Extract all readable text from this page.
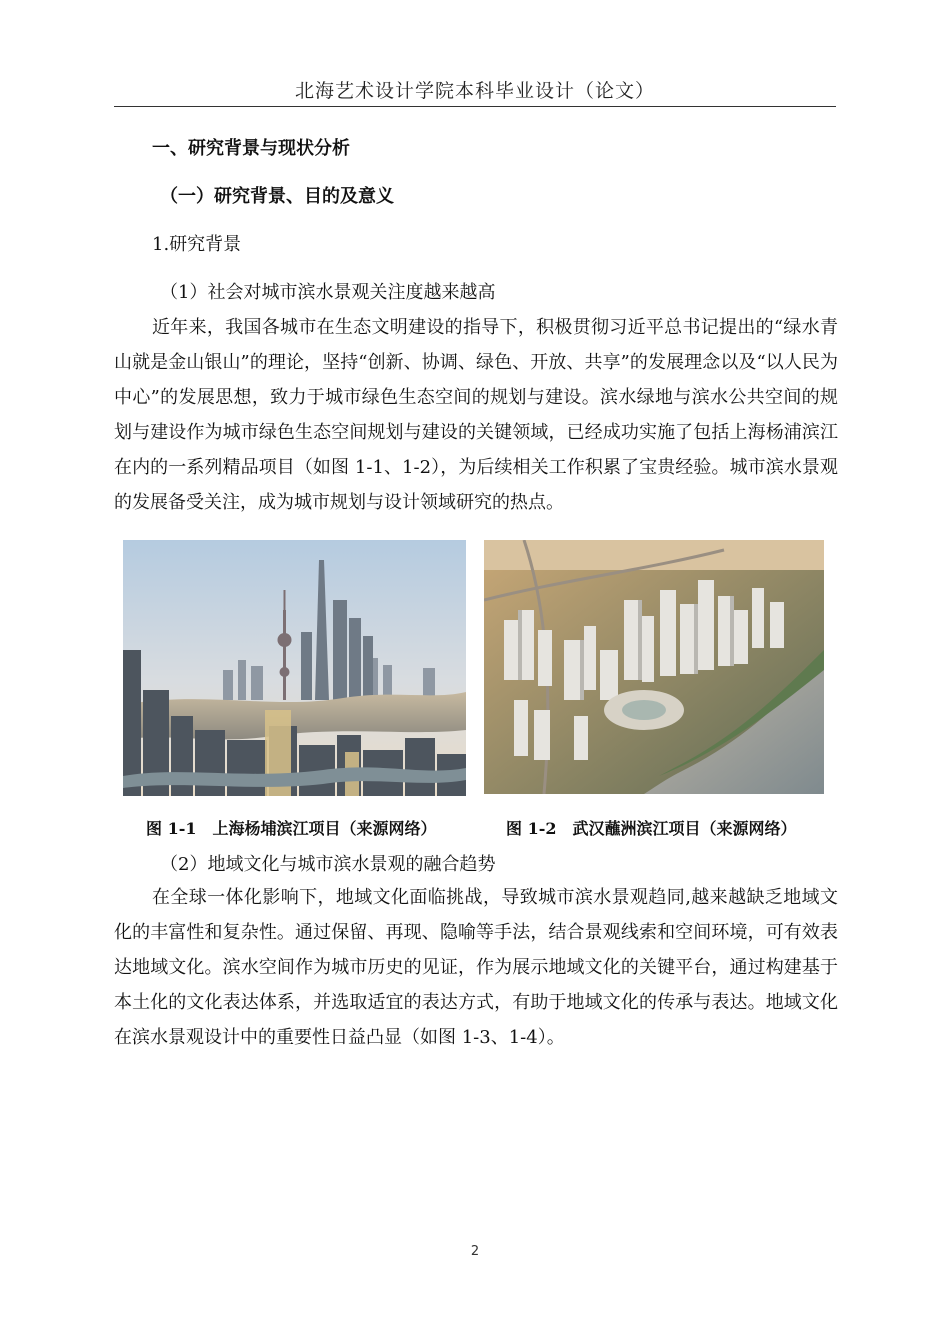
北海艺术设计学院本科毕业设计（论文）
一、研究背景与现状分析
（一）研究背景、目的及意义
1.研究背景
（1）社会对城市滨水景观关注度越来越高

近年来，我国各城市在生态文明建设的指导下，积极贯彻习近平总书记提出的“绿水青山就是金山银山”的理论，坚持“创新、协调、绿色、开放、共享”的发展理念以及“以人民为中心”的发展思想，致力于城市绿色生态空间的规划与建设。滨水绿地与滨水公共空间的规划与建设作为城市绿色生态空间规划与建设的关键领域，已经成功实施了包括上海杨浦滨江在内的一系列精品项目（如图 1-1、1-2），为后续相关工作积累了宝贵经验。城市滨水景观的发展备受关注，成为城市规划与设计领域研究的热点。

图 1-1　上海杨埔滨江项目（来源网络）	图 1-2　武汉蘸洲滨江项目（来源网络）
（2）地域文化与城市滨水景观的融合趋势

在全球一体化影响下，地域文化面临挑战，导致城市滨水景观趋同,越来越缺乏地域文化的丰富性和复杂性。通过保留、再现、隐喻等手法，结合景观线索和空间环境，可有效表达地域文化。滨水空间作为城市历史的见证，作为展示地域文化的关键平台，通过构建基于本土化的文化表达体系，并选取适宜的表达方式，有助于地域文化的传承与表达。地域文化在滨水景观设计中的重要性日益凸显（如图 1-3、1-4）。

2
